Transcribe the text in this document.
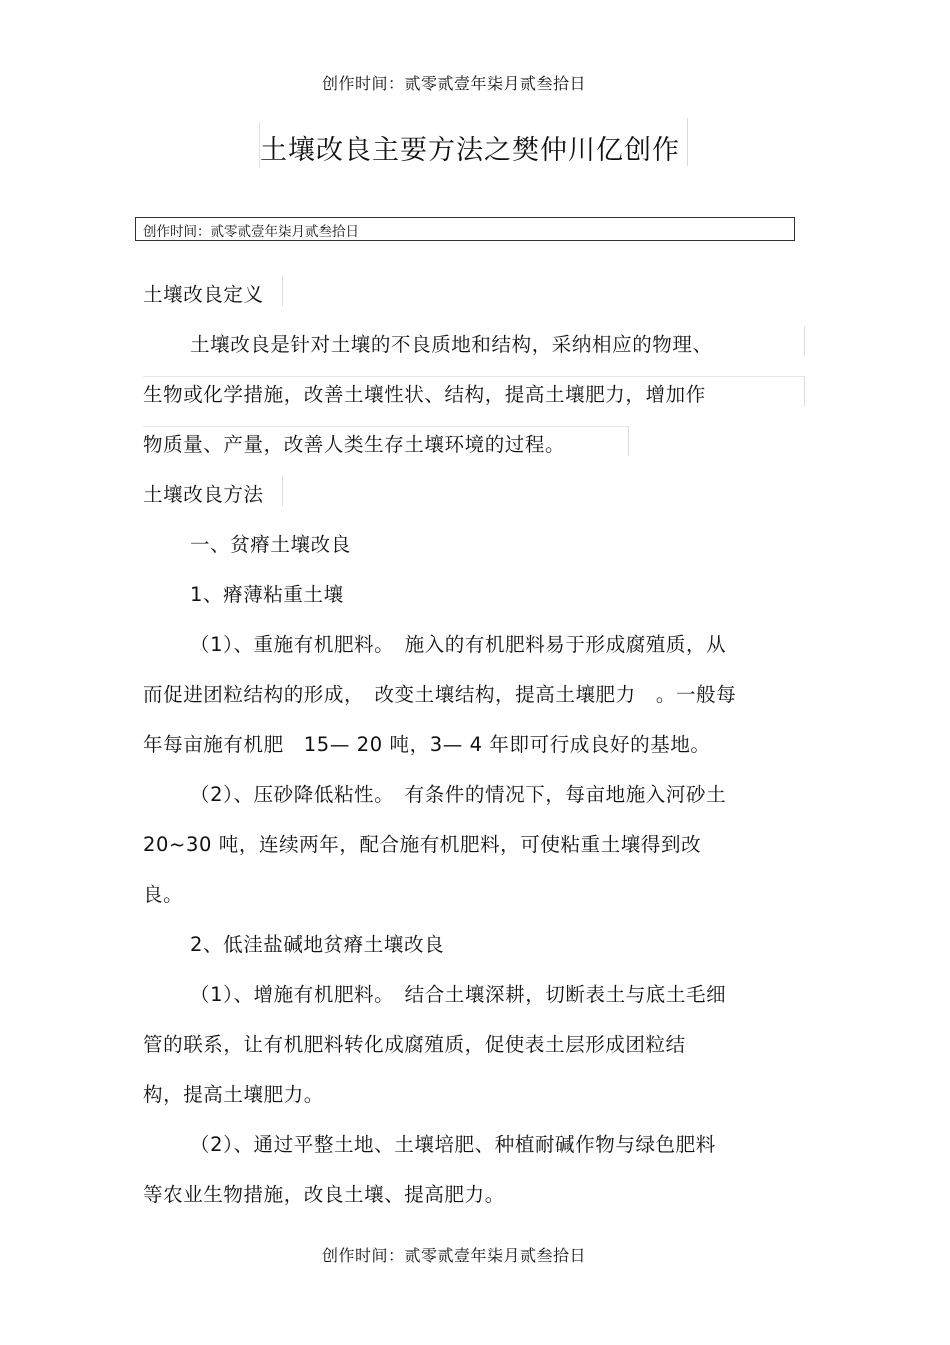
创作时间：贰零贰壹年柒月贰叁拾日
土壤改良主要方法之樊仲川亿创作
创作时间：贰零贰壹年柒月贰叁拾日
土壤改良定义
土壤改良是针对土壤的不良质地和结构，采纳相应的物理、
生物或化学措施，改善土壤性状、结构，提高土壤肥力，增加作
物质量、产量，改善人类生存土壤环境的过程。
土壤改良方法
一、贫瘠土壤改良
1、瘠薄粘重土壤
（1）、重施有机肥料。　施入的有机肥料易于形成腐殖质，从
而促进团粒结构的形成，　改变土壤结构，提高土壤肥力　。一般每
年每亩施有机肥　15— 20 吨，3— 4 年即可行成良好的基地。
（2）、压砂降低粘性。　有条件的情况下，每亩地施入河砂土
20~30 吨，连续两年，配合施有机肥料，可使粘重土壤得到改
良。
2、低洼盐碱地贫瘠土壤改良
（1）、增施有机肥料。　结合土壤深耕，切断表土与底土毛细
管的联系，让有机肥料转化成腐殖质，促使表土层形成团粒结
构，提高土壤肥力。
（2）、通过平整土地、土壤培肥、种植耐碱作物与绿色肥料
等农业生物措施，改良土壤、提高肥力。
创作时间：贰零贰壹年柒月贰叁拾日
